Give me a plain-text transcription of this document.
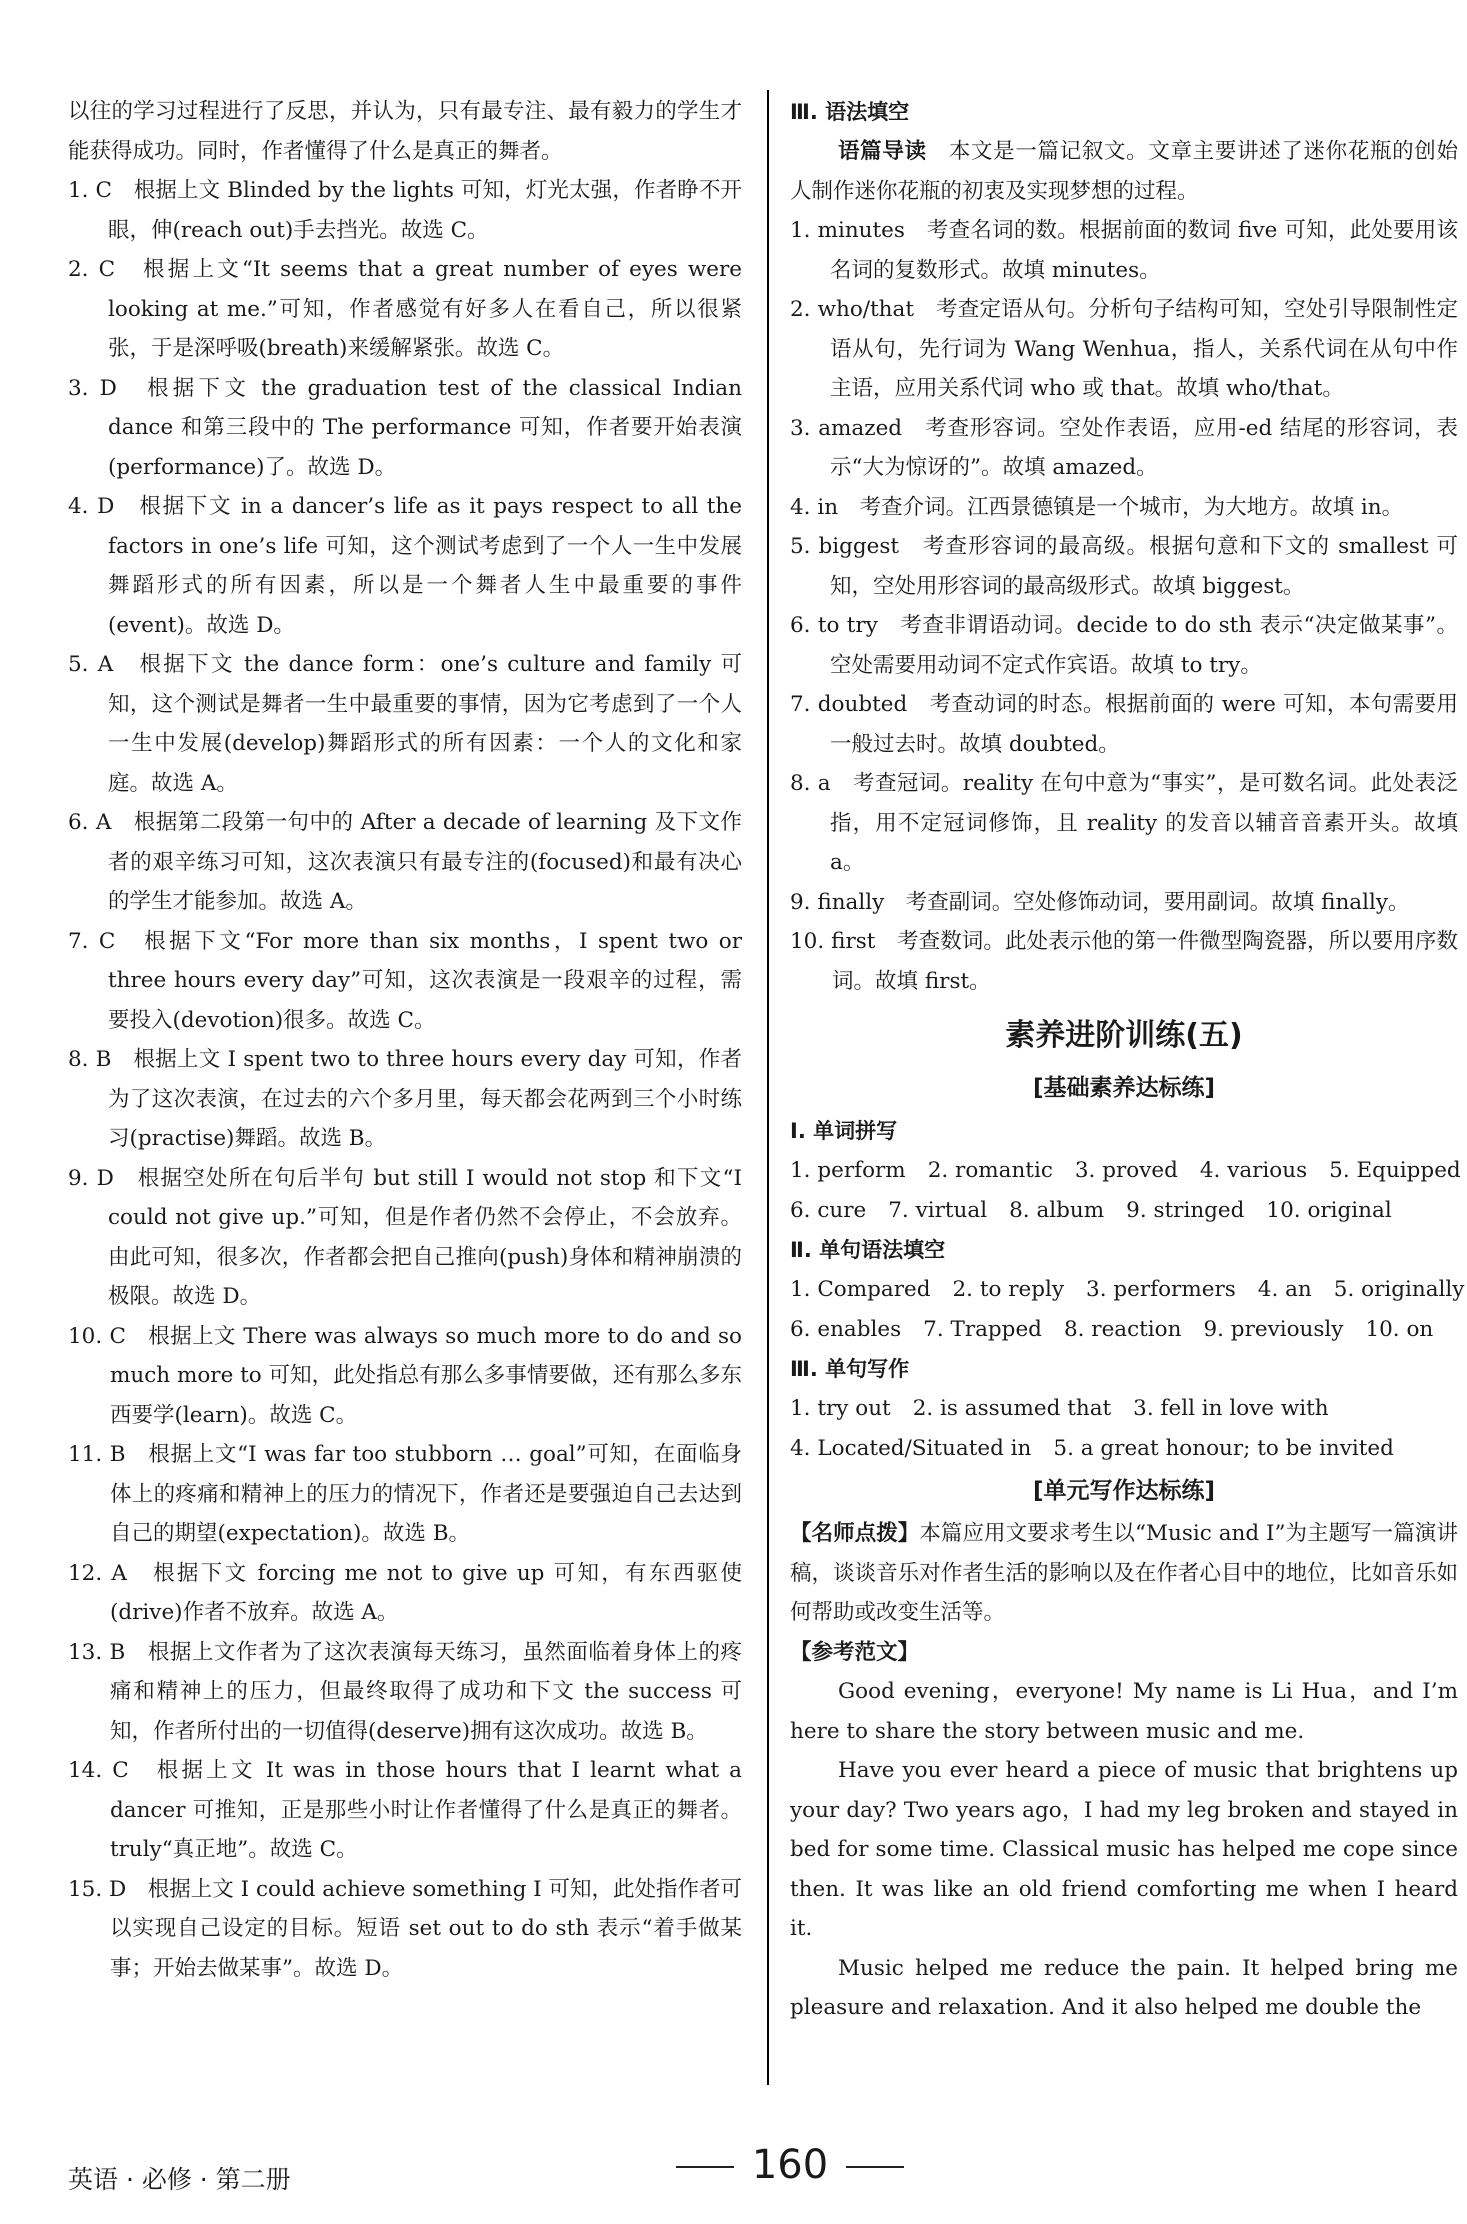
以往的学习过程进行了反思，并认为，只有最专注、最有毅力的学生才能获得成功。同时，作者懂得了什么是真正的舞者。

1. C　 根据上文 Blinded by the lights 可知，灯光太强，作者睁不开眼，伸(reach out)手去挡光。故选 C。

2. C　 根据上文“It seems that a great number of eyes were looking at me.”可知，作者感觉有好多人在看自己，所以很紧张，于是深呼吸(breath)来缓解紧张。故选 C。

3. D　 根据下文 the graduation test of the classical Indian dance 和第三段中的 The performance 可知，作者要开始表演(performance)了。故选 D。

4. D　 根据下文 in a dancer’s life as it pays respect to all the factors in one’s life 可知，这个测试考虑到了一个人一生中发展舞蹈形式的所有因素，所以是一个舞者人生中最重要的事件(event)。故选 D。

5. A　 根据下文 the dance form：one’s culture and family 可知，这个测试是舞者一生中最重要的事情，因为它考虑到了一个人一生中发展(develop)舞蹈形式的所有因素：一个人的文化和家庭。故选 A。

6. A　 根据第二段第一句中的 After a decade of learning 及下文作者的艰辛练习可知，这次表演只有最专注的(focused)和最有决心的学生才能参加。故选 A。

7. C　 根据下文“For more than six months，I spent two or three hours every day”可知，这次表演是一段艰辛的过程，需要投入(devotion)很多。故选 C。

8. B　 根据上文 I spent two to three hours every day 可知，作者为了这次表演，在过去的六个多月里，每天都会花两到三个小时练习(practise)舞蹈。故选 B。

9. D　 根据空处所在句后半句 but still I would not stop 和下文“I could not give up.”可知，但是作者仍然不会停止，不会放弃。由此可知，很多次，作者都会把自己推向(push)身体和精神崩溃的极限。故选 D。

10. C　 根据上文 There was always so much more to do and so much more to 可知，此处指总有那么多事情要做，还有那么多东西要学(learn)。故选 C。

11. B　 根据上文“I was far too stubborn … goal”可知，在面临身体上的疼痛和精神上的压力的情况下，作者还是要强迫自己去达到自己的期望(expectation)。故选 B。

12. A　 根据下文 forcing me not to give up 可知，有东西驱使(drive)作者不放弃。故选 A。

13. B　 根据上文作者为了这次表演每天练习，虽然面临着身体上的疼痛和精神上的压力，但最终取得了成功和下文 the success 可知，作者所付出的一切值得(deserve)拥有这次成功。故选 B。

14. C　 根据上文 It was in those hours that I learnt what a dancer 可推知，正是那些小时让作者懂得了什么是真正的舞者。truly“真正地”。故选 C。

15. D　 根据上文 I could achieve something I 可知，此处指作者可以实现自己设定的目标。短语 set out to do sth 表示“着手做某事；开始去做某事”。故选 D。

Ⅲ. 语法填空

语篇导读　 本文是一篇记叙文。文章主要讲述了迷你花瓶的创始人制作迷你花瓶的初衷及实现梦想的过程。

1. minutes　 考查名词的数。根据前面的数词 five 可知，此处要用该名词的复数形式。故填 minutes。

2. who/that　 考查定语从句。分析句子结构可知，空处引导限制性定语从句，先行词为 Wang Wenhua，指人，关系代词在从句中作主语，应用关系代词 who 或 that。故填 who/that。

3. amazed　 考查形容词。空处作表语，应用-ed 结尾的形容词，表示“大为惊讶的”。故填 amazed。

4. in　 考查介词。江西景德镇是一个城市，为大地方。故填 in。

5. biggest　 考查形容词的最高级。根据句意和下文的 smallest 可知，空处用形容词的最高级形式。故填 biggest。

6. to try　 考查非谓语动词。decide to do sth 表示“决定做某事”。空处需要用动词不定式作宾语。故填 to try。

7. doubted　 考查动词的时态。根据前面的 were 可知，本句需要用一般过去时。故填 doubted。

8. a　 考查冠词。reality 在句中意为“事实”，是可数名词。此处表泛指，用不定冠词修饰，且 reality 的发音以辅音音素开头。故填 a。

9. finally　 考查副词。空处修饰动词，要用副词。故填 finally。

10. first　 考查数词。此处表示他的第一件微型陶瓷器，所以要用序数词。故填 first。

素养进阶训练(五)

[基础素养达标练]

Ⅰ. 单词拼写

1. perform 2. romantic 3. proved 4. various 5. Equipped

6. cure 7. virtual 8. album 9. stringed 10. original

Ⅱ. 单句语法填空

1. Compared 2. to reply 3. performers 4. an 5. originally

6. enables 7. Trapped 8. reaction 9. previously 10. on

Ⅲ. 单句写作

1. try out 2. is assumed that 3. fell in love with

4. Located/Situated in 5. a great honour; to be invited

[单元写作达标练]

【名师点拨】本篇应用文要求考生以“Music and I”为主题写一篇演讲稿，谈谈音乐对作者生活的影响以及在作者心目中的地位，比如音乐如何帮助或改变生活等。

【参考范文】

Good evening，everyone! My name is Li Hua，and I’m here to share the story between music and me.

Have you ever heard a piece of music that brightens up your day? Two years ago，I had my leg broken and stayed in bed for some time. Classical music has helped me cope since then. It was like an old friend comforting me when I heard it.

Music helped me reduce the pain. It helped bring me pleasure and relaxation. And it also helped me double the

英语 · 必修 · 第二册	160
